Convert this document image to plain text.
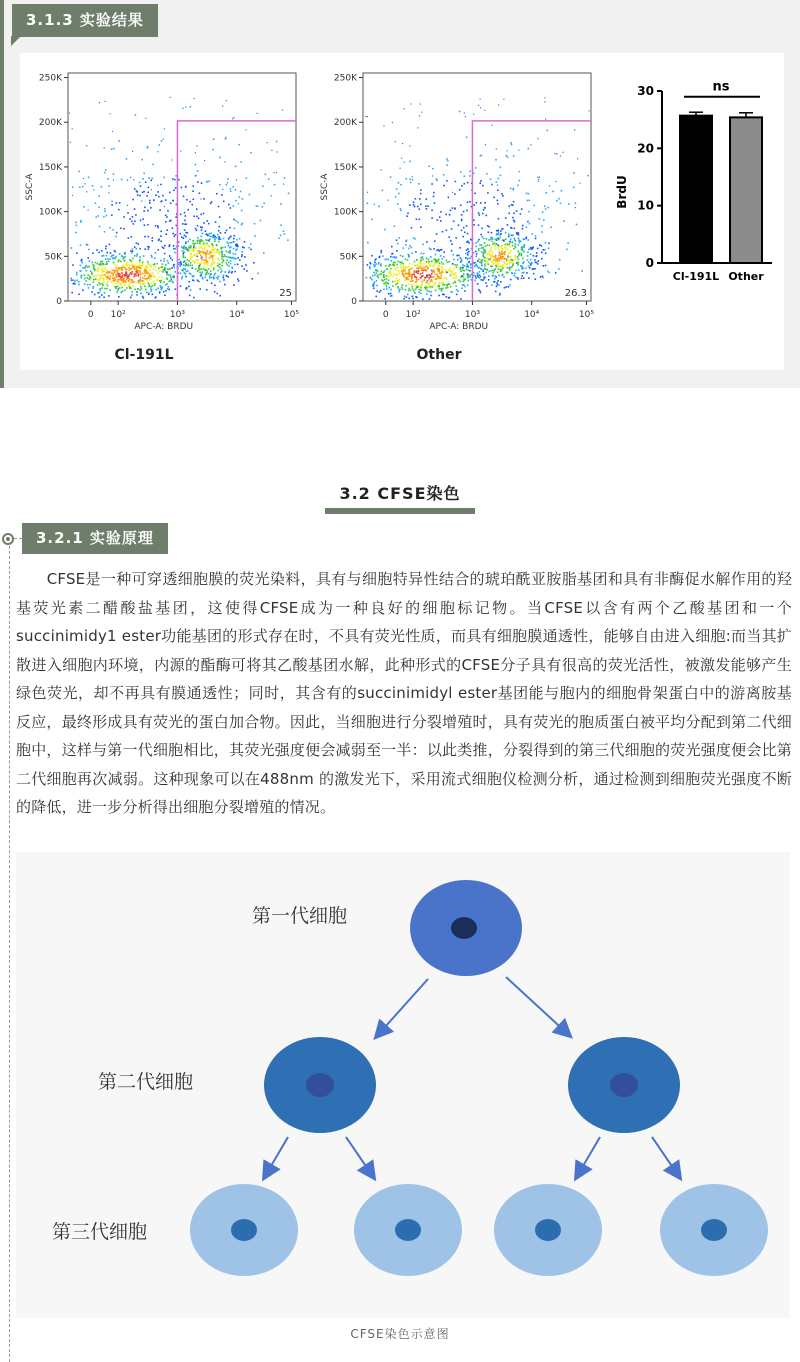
3.1.3 实验结果
25
0
50K
100K
150K
200K
250K
0 10²	10³	10⁴	10⁵
APC-A: BRDU
SSC-A
Cl-191L
26.3
0
50K
100K
150K
200K
250K
0 10²	10³	10⁴	10⁵
APC-A: BRDU
SSC-A
Other
0
10
20
30
BrdU
Cl-191L Other
ns
3.2 CFSE染色
3.2.1 实验原理

　　CFSE是一种可穿透细胞膜的荧光染料，具有与细胞特异性结合的琥珀酰亚胺脂基团和具有非酶促水解作用的羟基荧光素二醋酸盐基团，这使得CFSE成为一种良好的细胞标记物。当CFSE以含有两个乙酸基团和一个succinimidy1 ester功能基团的形式存在时，不具有荧光性质，而具有细胞膜通透性，能够自由进入细胞:而当其扩散进入细胞内环境，内源的酯酶可将其乙酸基团水解，此种形式的CFSE分子具有很高的荧光活性，被激发能够产生绿色荧光，却不再具有膜通透性；同时，其含有的succinimidyl ester基团能与胞内的细胞骨架蛋白中的游离胺基反应，最终形成具有荧光的蛋白加合物。因此，当细胞进行分裂增殖时，具有荧光的胞质蛋白被平均分配到第二代细胞中，这样与第一代细胞相比，其荧光强度便会减弱至一半：以此类推，分裂得到的第三代细胞的荧光强度便会比第二代细胞再次减弱。这种现象可以在488nm 的激发光下，采用流式细胞仪检测分析，通过检测到细胞荧光强度不断的降低，进一步分析得出细胞分裂增殖的情况。

第一代细胞
第二代细胞
第三代细胞
CFSE染色示意图
